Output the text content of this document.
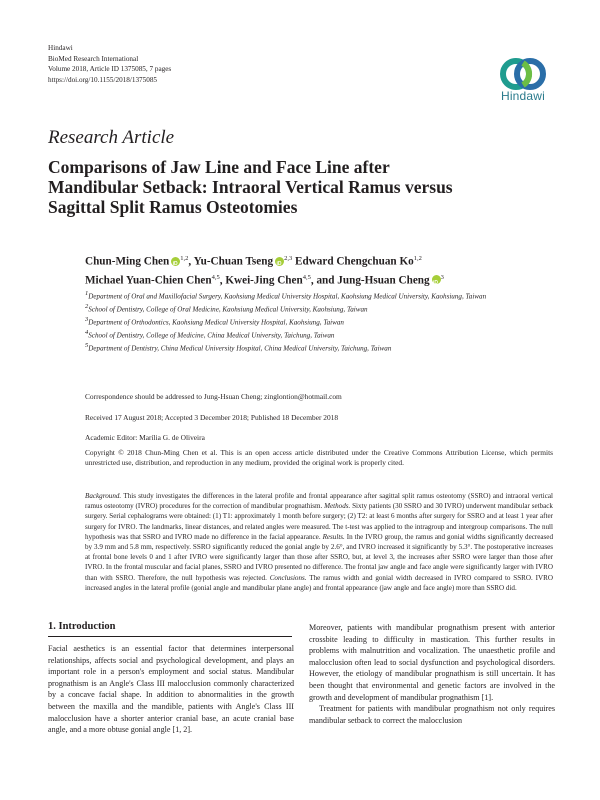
Hindawi
BioMed Research International
Volume 2018, Article ID 1375085, 7 pages
https://doi.org/10.1155/2018/1375085
Hindawi
Research Article
Comparisons of Jaw Line and Face Line after
Mandibular Setback: Intraoral Vertical Ramus versus
Sagittal Split Ramus Osteotomies
Chun-Ming Chen iD $^{1,2}$, Yu-Chuan Tseng iD $^{2,3}$ Edward Chengchuan Ko$^{1,2}$
Michael Yuan-Chien Chen$^{4,5}$, Kwei-Jing Chen$^{4,5}$, and Jung-Hsuan Cheng iD $^3$
$^1$Department of Oral and Maxillofacial Surgery, Kaohsiung Medical University Hospital, Kaohsiung Medical University, Kaohsiung, Taiwan
$^2$School of Dentistry, College of Oral Medicine, Kaohsiung Medical University, Kaohsiung, Taiwan
$^3$Department of Orthodontics, Kaohsiung Medical University Hospital, Kaohsiung, Taiwan
$^4$School of Dentistry, College of Medicine, China Medical University, Taichung, Taiwan
$^5$Department of Dentistry, China Medical University Hospital, China Medical University, Taichung, Taiwan
Correspondence should be addressed to Jung-Hsuan Cheng; zinglontion@hotmail.com
Received 17 August 2018; Accepted 3 December 2018; Published 18 December 2018
Academic Editor: Marília G. de Oliveira
Copyright © 2018 Chun-Ming Chen et al. This is an open access article distributed under the Creative Commons Attribution License, which permits unrestricted use, distribution, and reproduction in any medium, provided the original work is properly cited.
Background. This study investigates the differences in the lateral profile and frontal appearance after sagittal split ramus osteotomy (SSRO) and intraoral vertical ramus osteotomy (IVRO) procedures for the correction of mandibular prognathism. Methods. Sixty patients (30 SSRO and 30 IVRO) underwent mandibular setback surgery. Serial cephalograms were obtained: (1) T1: approximately 1 month before surgery; (2) T2: at least 6 months after surgery for SSRO and at least 1 year after surgery for IVRO. The landmarks, linear distances, and related angles were measured. The t-test was applied to the intragroup and intergroup comparisons. The null hypothesis was that SSRO and IVRO made no difference in the facial appearance. Results. In the IVRO group, the ramus and gonial widths significantly decreased by 3.9 mm and 5.8 mm, respectively. SSRO significantly reduced the gonial angle by 2.6°, and IVRO increased it significantly by 5.3°. The postoperative increases at frontal bone levels 0 and 1 after IVRO were significantly larger than those after SSRO, but, at level 3, the increases after SSRO were larger than those after IVRO. In the frontal muscular and facial planes, SSRO and IVRO presented no difference. The frontal jaw angle and face angle were significantly larger with IVRO than with SSRO. Therefore, the null hypothesis was rejected. Conclusions. The ramus width and gonial width decreased in IVRO compared to SSRO. IVRO increased angles in the lateral profile (gonial angle and mandibular plane angle) and frontal appearance (jaw angle and face angle) more than SSRO did.
1. Introduction

Facial aesthetics is an essential factor that determines interpersonal relationships, affects social and psychological development, and plays an important role in a person's employment and social status. Mandibular prognathism is an Angle's Class III malocclusion commonly characterized by a concave facial shape. In addition to abnormalities in the growth between the maxilla and the mandible, patients with Angle's Class III malocclusion have a shorter anterior cranial base, an acute cranial base angle, and a more obtuse gonial angle [1, 2].

Moreover, patients with mandibular prognathism present with anterior crossbite leading to difficulty in mastication. This further results in problems with malnutrition and vocalization. The unaesthetic profile and malocclusion often lead to social dysfunction and psychological disorders. However, the etiology of mandibular prognathism is still uncertain. It has been thought that environmental and genetic factors are involved in the growth and development of mandibular prognathism [1].

Treatment for patients with mandibular prognathism not only requires mandibular setback to correct the malocclusion
